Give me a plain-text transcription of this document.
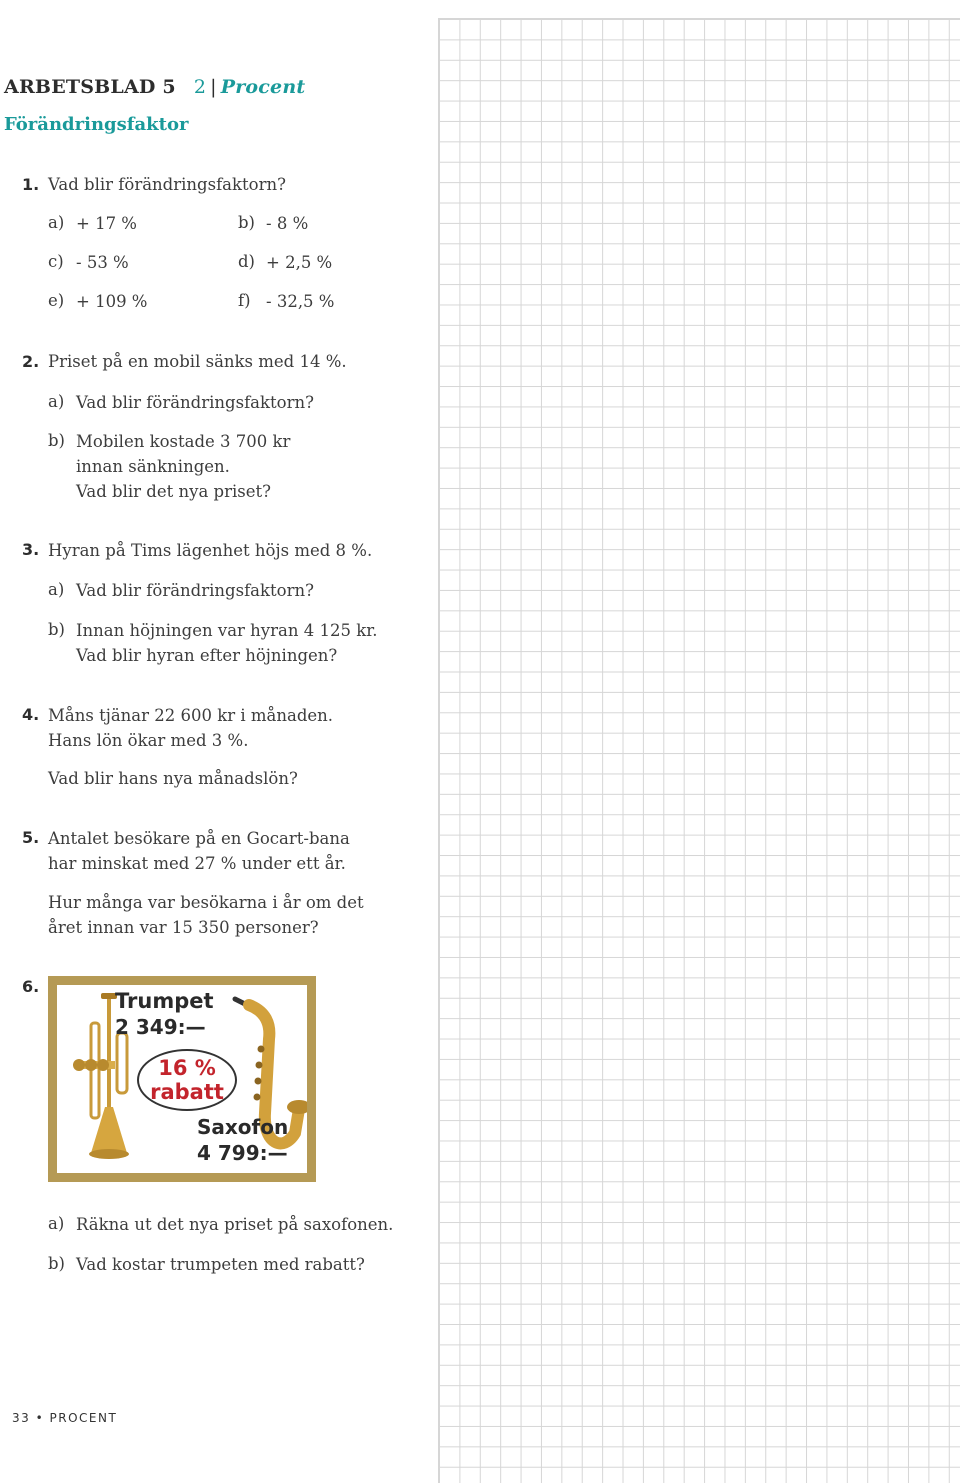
ARBETSBLAD 5 2 | Procent
Förändringsfaktor
1. Vad blir förändringsfaktorn?
a) + 17 %	b) - 8 %
c) - 53 %	d) + 2,5 %
e) + 109 %	f) - 32,5 %
2. Priset på en mobil sänks med 14 %.
a) Vad blir förändringsfaktorn?
b) Mobilen kostade 3 700 kr
innan sänkningen.
Vad blir det nya priset?
3. Hyran på Tims lägenhet höjs med 8 %.
a) Vad blir förändringsfaktorn?
b) Innan höjningen var hyran 4 125 kr.
Vad blir hyran efter höjningen?
4. Måns tjänar 22 600 kr i månaden.
Hans lön ökar med 3 %.
Vad blir hans nya månadslön?
5. Antalet besökare på en Gocart-bana
har minskat med 27 % under ett år.
Hur många var besökarna i år om det
året innan var 15 350 personer?
6.
Trumpet
2 349:—
16 %
rabatt
Saxofon
4 799:—
a) Räkna ut det nya priset på saxofonen.
b) Vad kostar trumpeten med rabatt?
33 • PROCENT
